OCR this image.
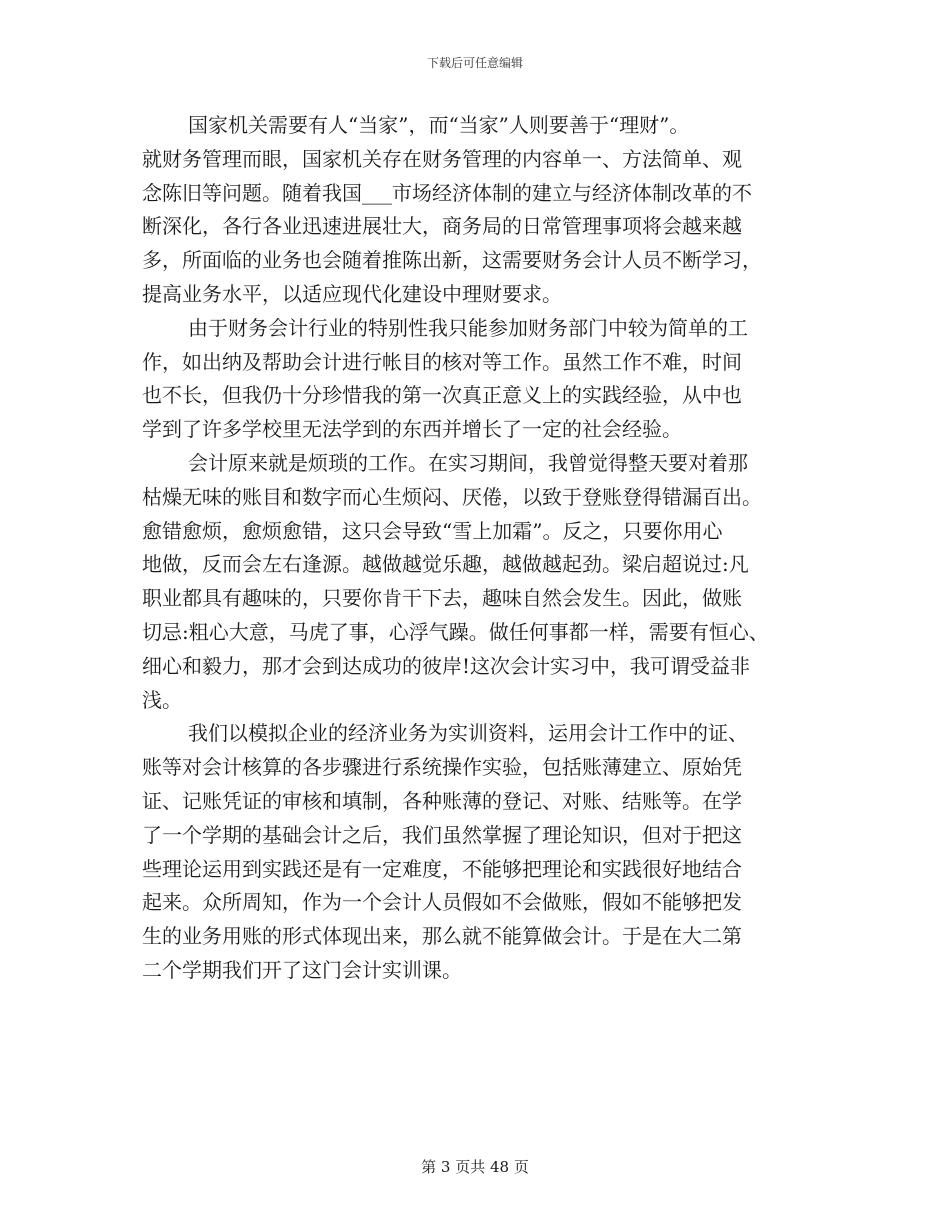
下载后可任意编辑
国家机关需要有人“当家”，而“当家”人则要善于“理财”。
就财务管理而眼，国家机关存在财务管理的内容单一、方法简单、观
念陈旧等问题。随着我国___市场经济体制的建立与经济体制改革的不
断深化，各行各业迅速进展壮大，商务局的日常管理事项将会越来越
多，所面临的业务也会随着推陈出新，这需要财务会计人员不断学习，
提高业务水平，以适应现代化建设中理财要求。
由于财务会计行业的特别性我只能参加财务部门中较为简单的工
作，如出纳及帮助会计进行帐目的核对等工作。虽然工作不难，时间
也不长，但我仍十分珍惜我的第一次真正意义上的实践经验，从中也
学到了许多学校里无法学到的东西并增长了一定的社会经验。
会计原来就是烦琐的工作。在实习期间，我曾觉得整天要对着那
枯燥无味的账目和数字而心生烦闷、厌倦，以致于登账登得错漏百出。
愈错愈烦，愈烦愈错，这只会导致“雪上加霜”。反之，只要你用心
地做，反而会左右逢源。越做越觉乐趣，越做越起劲。梁启超说过:凡
职业都具有趣味的，只要你肯干下去，趣味自然会发生。因此，做账
切忌:粗心大意，马虎了事，心浮气躁。做任何事都一样，需要有恒心、
细心和毅力，那才会到达成功的彼岸!这次会计实习中，我可谓受益非
浅。
我们以模拟企业的经济业务为实训资料，运用会计工作中的证、
账等对会计核算的各步骤进行系统操作实验，包括账薄建立、原始凭
证、记账凭证的审核和填制，各种账薄的登记、对账、结账等。在学
了一个学期的基础会计之后，我们虽然掌握了理论知识，但对于把这
些理论运用到实践还是有一定难度，不能够把理论和实践很好地结合
起来。众所周知，作为一个会计人员假如不会做账，假如不能够把发
生的业务用账的形式体现出来，那么就不能算做会计。于是在大二第
二个学期我们开了这门会计实训课。
第 3 页共 48 页
